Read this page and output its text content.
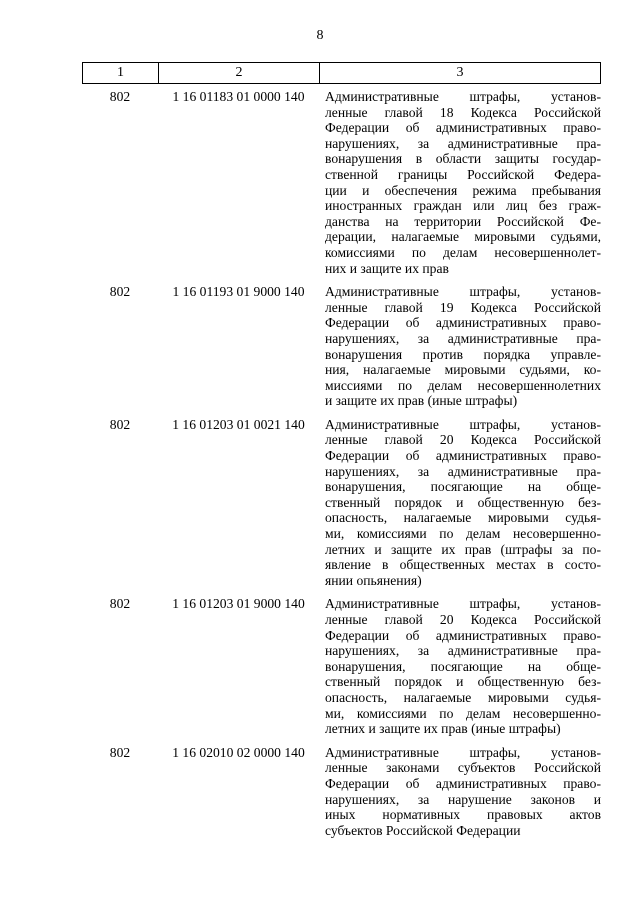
8
1	2	3
802	1 16 01183 01 0000 140	Административные штрафы, установ-
ленные главой 18 Кодекса Российской
Федерации об административных право-
нарушениях, за административные пра-
вонарушения в области защиты государ-
ственной границы Российской Федера-
ции и обеспечения режима пребывания
иностранных граждан или лиц без граж-
данства на территории Российской Фе-
дерации, налагаемые мировыми судьями,
комиссиями по делам несовершеннолет-
них и защите их прав
802	1 16 01193 01 9000 140	Административные штрафы, установ-
ленные главой 19 Кодекса Российской
Федерации об административных право-
нарушениях, за административные пра-
вонарушения против порядка управле-
ния, налагаемые мировыми судьями, ко-
миссиями по делам несовершеннолетних
и защите их прав (иные штрафы)
802	1 16 01203 01 0021 140	Административные штрафы, установ-
ленные главой 20 Кодекса Российской
Федерации об административных право-
нарушениях, за административные пра-
вонарушения, посягающие на обще-
ственный порядок и общественную без-
опасность, налагаемые мировыми судья-
ми, комиссиями по делам несовершенно-
летних и защите их прав (штрафы за по-
явление в общественных местах в состо-
янии опьянения)
802	1 16 01203 01 9000 140	Административные штрафы, установ-
ленные главой 20 Кодекса Российской
Федерации об административных право-
нарушениях, за административные пра-
вонарушения, посягающие на обще-
ственный порядок и общественную без-
опасность, налагаемые мировыми судья-
ми, комиссиями по делам несовершенно-
летних и защите их прав (иные штрафы)
802	1 16 02010 02 0000 140	Административные штрафы, установ-
ленные законами субъектов Российской
Федерации об административных право-
нарушениях, за нарушение законов и
иных нормативных правовых актов
субъектов Российской Федерации
